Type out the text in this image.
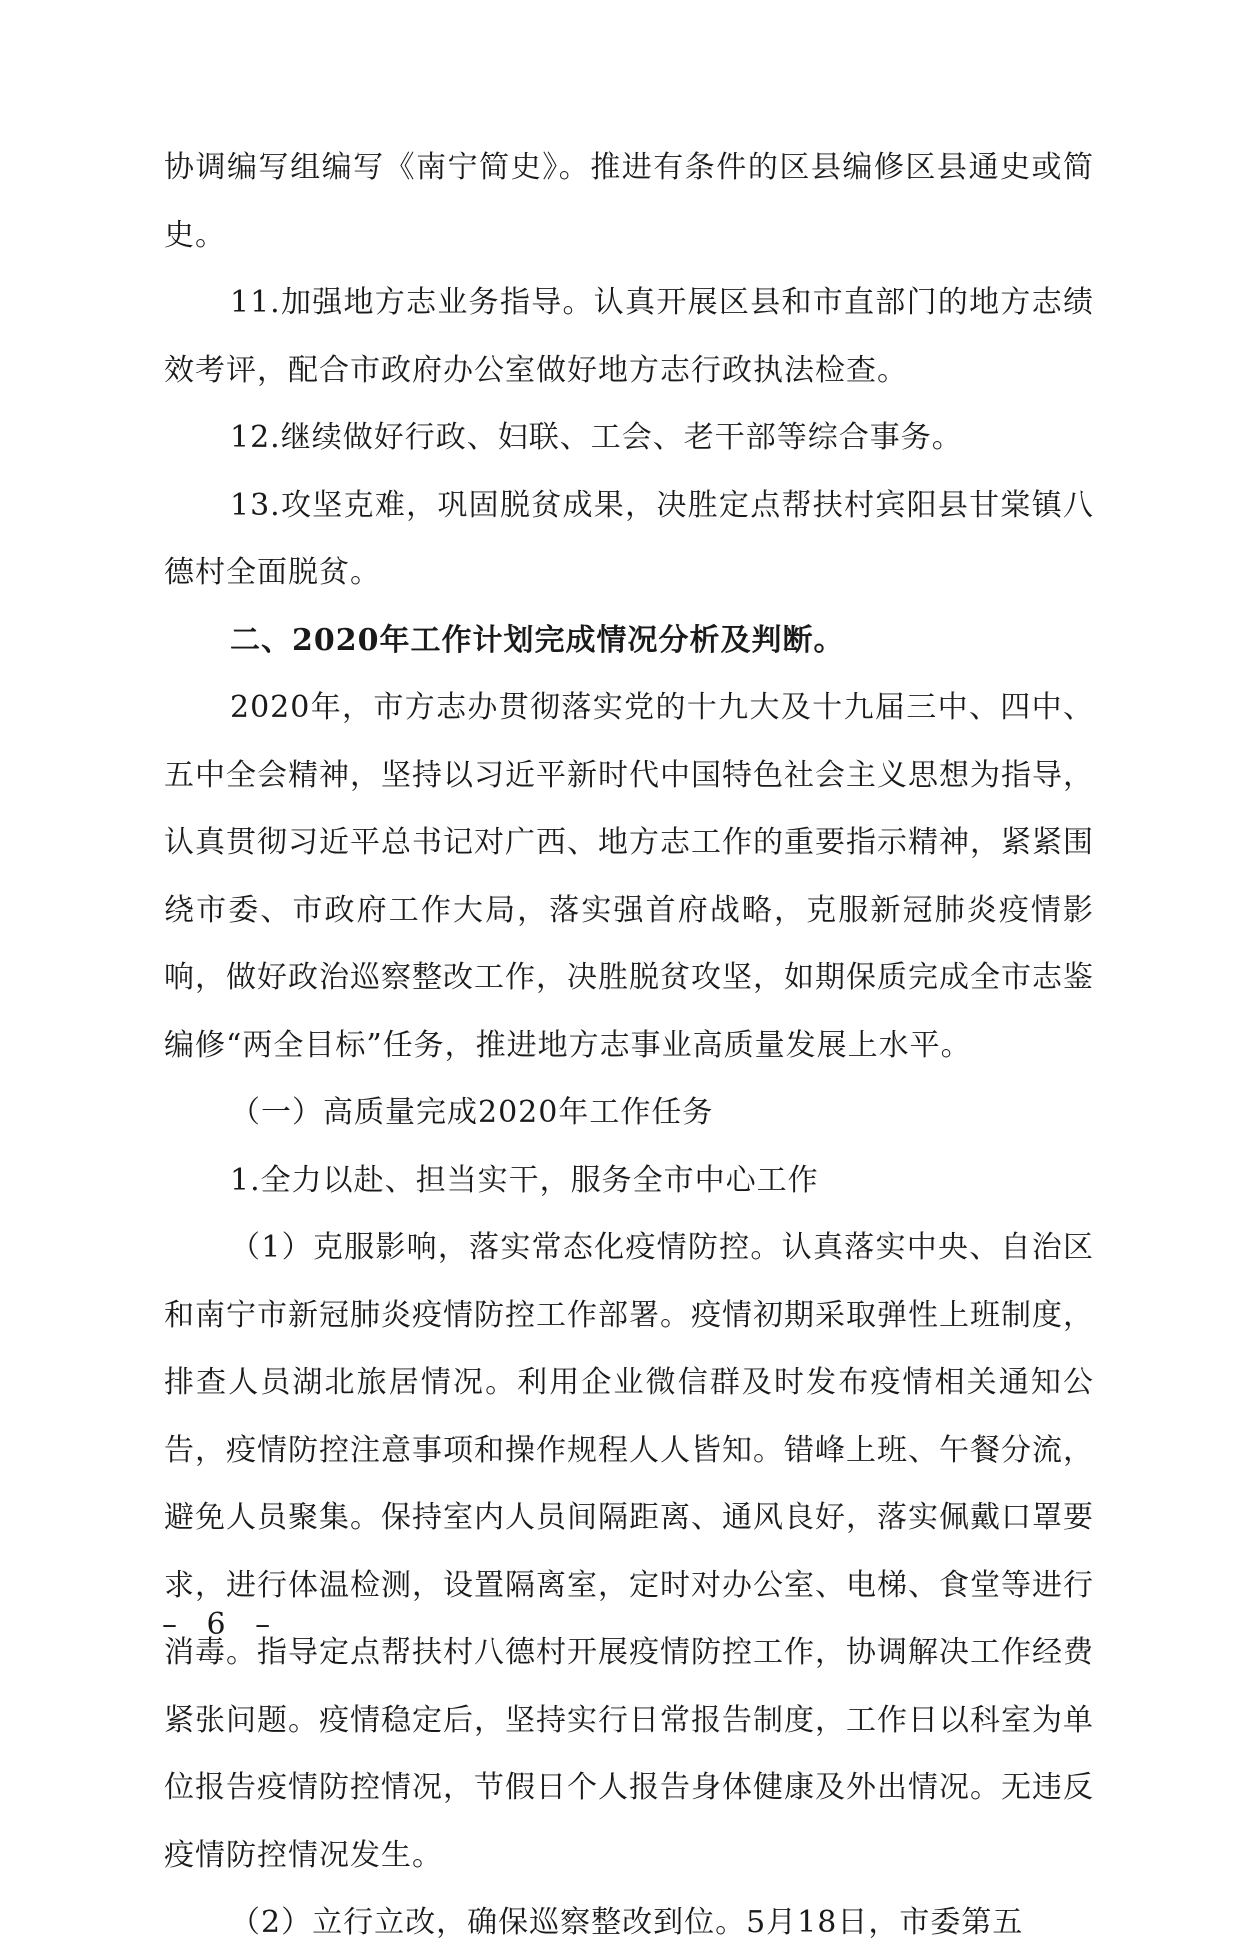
协调编写组编写《南宁简史》。推进有条件的区县编修区县通史或简史。

11.加强地方志业务指导。认真开展区县和市直部门的地方志绩效考评，配合市政府办公室做好地方志行政执法检查。

12.继续做好行政、妇联、工会、老干部等综合事务。

13.攻坚克难，巩固脱贫成果，决胜定点帮扶村宾阳县甘棠镇八德村全面脱贫。

二、2020年工作计划完成情况分析及判断。

2020年，市方志办贯彻落实党的十九大及十九届三中、四中、五中全会精神，坚持以习近平新时代中国特色社会主义思想为指导，认真贯彻习近平总书记对广西、地方志工作的重要指示精神，紧紧围绕市委、市政府工作大局，落实强首府战略，克服新冠肺炎疫情影响，做好政治巡察整改工作，决胜脱贫攻坚，如期保质完成全市志鉴编修“两全目标”任务，推进地方志事业高质量发展上水平。

（一）高质量完成2020年工作任务

1.全力以赴、担当实干，服务全市中心工作

（1）克服影响，落实常态化疫情防控。认真落实中央、自治区和南宁市新冠肺炎疫情防控工作部署。疫情初期采取弹性上班制度，排查人员湖北旅居情况。利用企业微信群及时发布疫情相关通知公告，疫情防控注意事项和操作规程人人皆知。错峰上班、午餐分流，避免人员聚集。保持室内人员间隔距离、通风良好，落实佩戴口罩要求，进行体温检测，设置隔离室，定时对办公室、电梯、食堂等进行消毒。指导定点帮扶村八德村开展疫情防控工作，协调解决工作经费紧张问题。疫情稳定后，坚持实行日常报告制度，工作日以科室为单位报告疫情防控情况，节假日个人报告身体健康及外出情况。无违反疫情防控情况发生。

（2）立行立改，确保巡察整改到位。5月18日，市委第五

– 6 –
